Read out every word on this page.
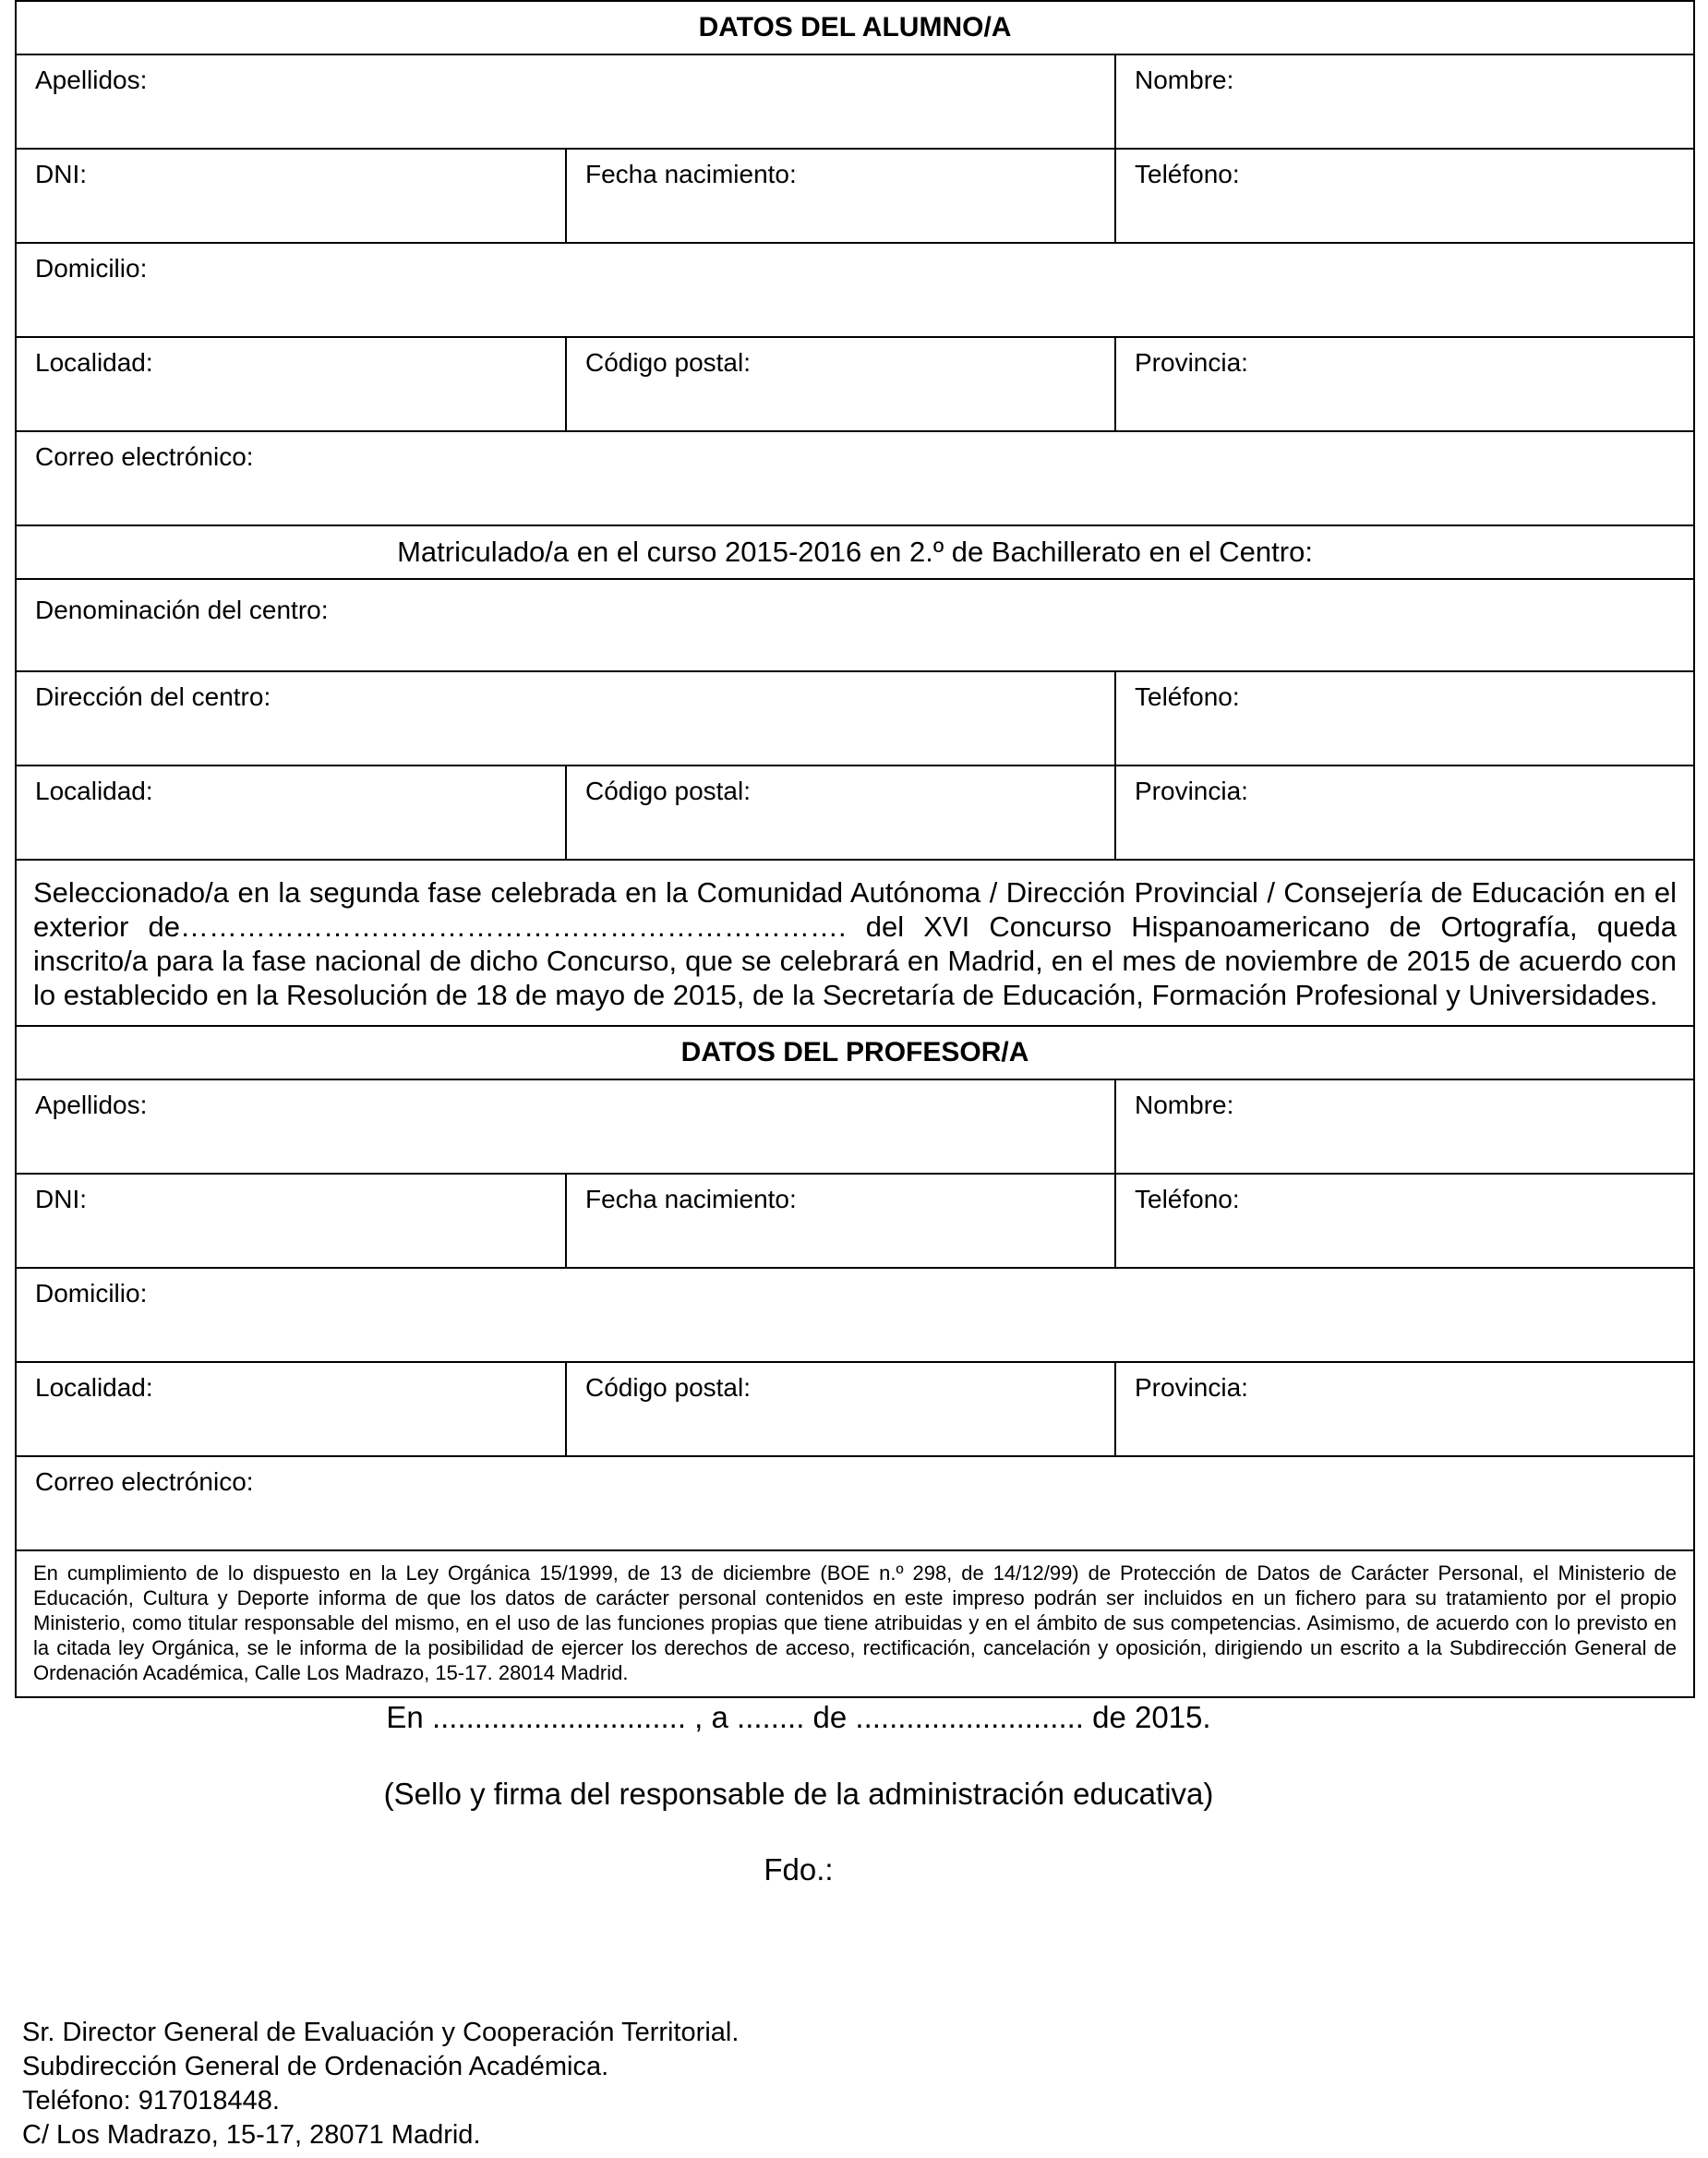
DATOS DEL ALUMNO/A		
Apellidos:		Nombre:
DNI:	Fecha nacimiento:	Teléfono:
Domicilio:		
Localidad:	Código postal:	Provincia:
Correo electrónico:		
Matriculado/a en el curso 2015-2016 en 2.º de Bachillerato en el Centro:		
Denominación del centro:		
Dirección del centro:		Teléfono:
Localidad:	Código postal:	Provincia:
Seleccionado/a en la segunda fase celebrada en la Comunidad Autónoma / Dirección Provincial / Consejería de Educación en el exterior de……………………………………………………………. del XVI Concurso Hispanoamericano de Ortografía, queda inscrito/a para la fase nacional de dicho Concurso, que se celebrará en Madrid, en el mes de noviembre de 2015 de acuerdo con lo establecido en la Resolución de 18 de mayo de 2015, de la Secretaría de Educación, Formación Profesional y Universidades.		
DATOS DEL PROFESOR/A		
Apellidos:		Nombre:
DNI:	Fecha nacimiento:	Teléfono:
Domicilio:		
Localidad:	Código postal:	Provincia:
Correo electrónico:		
En cumplimiento de lo dispuesto en la Ley Orgánica 15/1999, de 13 de diciembre (BOE n.º 298, de 14/12/99) de Protección de Datos de Carácter Personal, el Ministerio de Educación, Cultura y Deporte informa de que los datos de carácter personal contenidos en este impreso podrán ser incluidos en un fichero para su tratamiento por el propio Ministerio, como titular responsable del mismo, en el uso de las funciones propias que tiene atribuidas y en el ámbito de sus competencias. Asimismo, de acuerdo con lo previsto en la citada ley Orgánica, se le informa de la posibilidad de ejercer los derechos de acceso, rectificación, cancelación y oposición, dirigiendo un escrito a la Subdirección General de Ordenación Académica, Calle Los Madrazo, 15-17. 28014 Madrid.		
En .............................. , a ........ de ........................... de 2015.
(Sello y firma del responsable de la administración educativa)
Fdo.:
Sr. Director General de Evaluación y Cooperación Territorial.
Subdirección General de Ordenación Académica.
Teléfono: 917018448.
C/ Los Madrazo, 15-17, 28071 Madrid.
